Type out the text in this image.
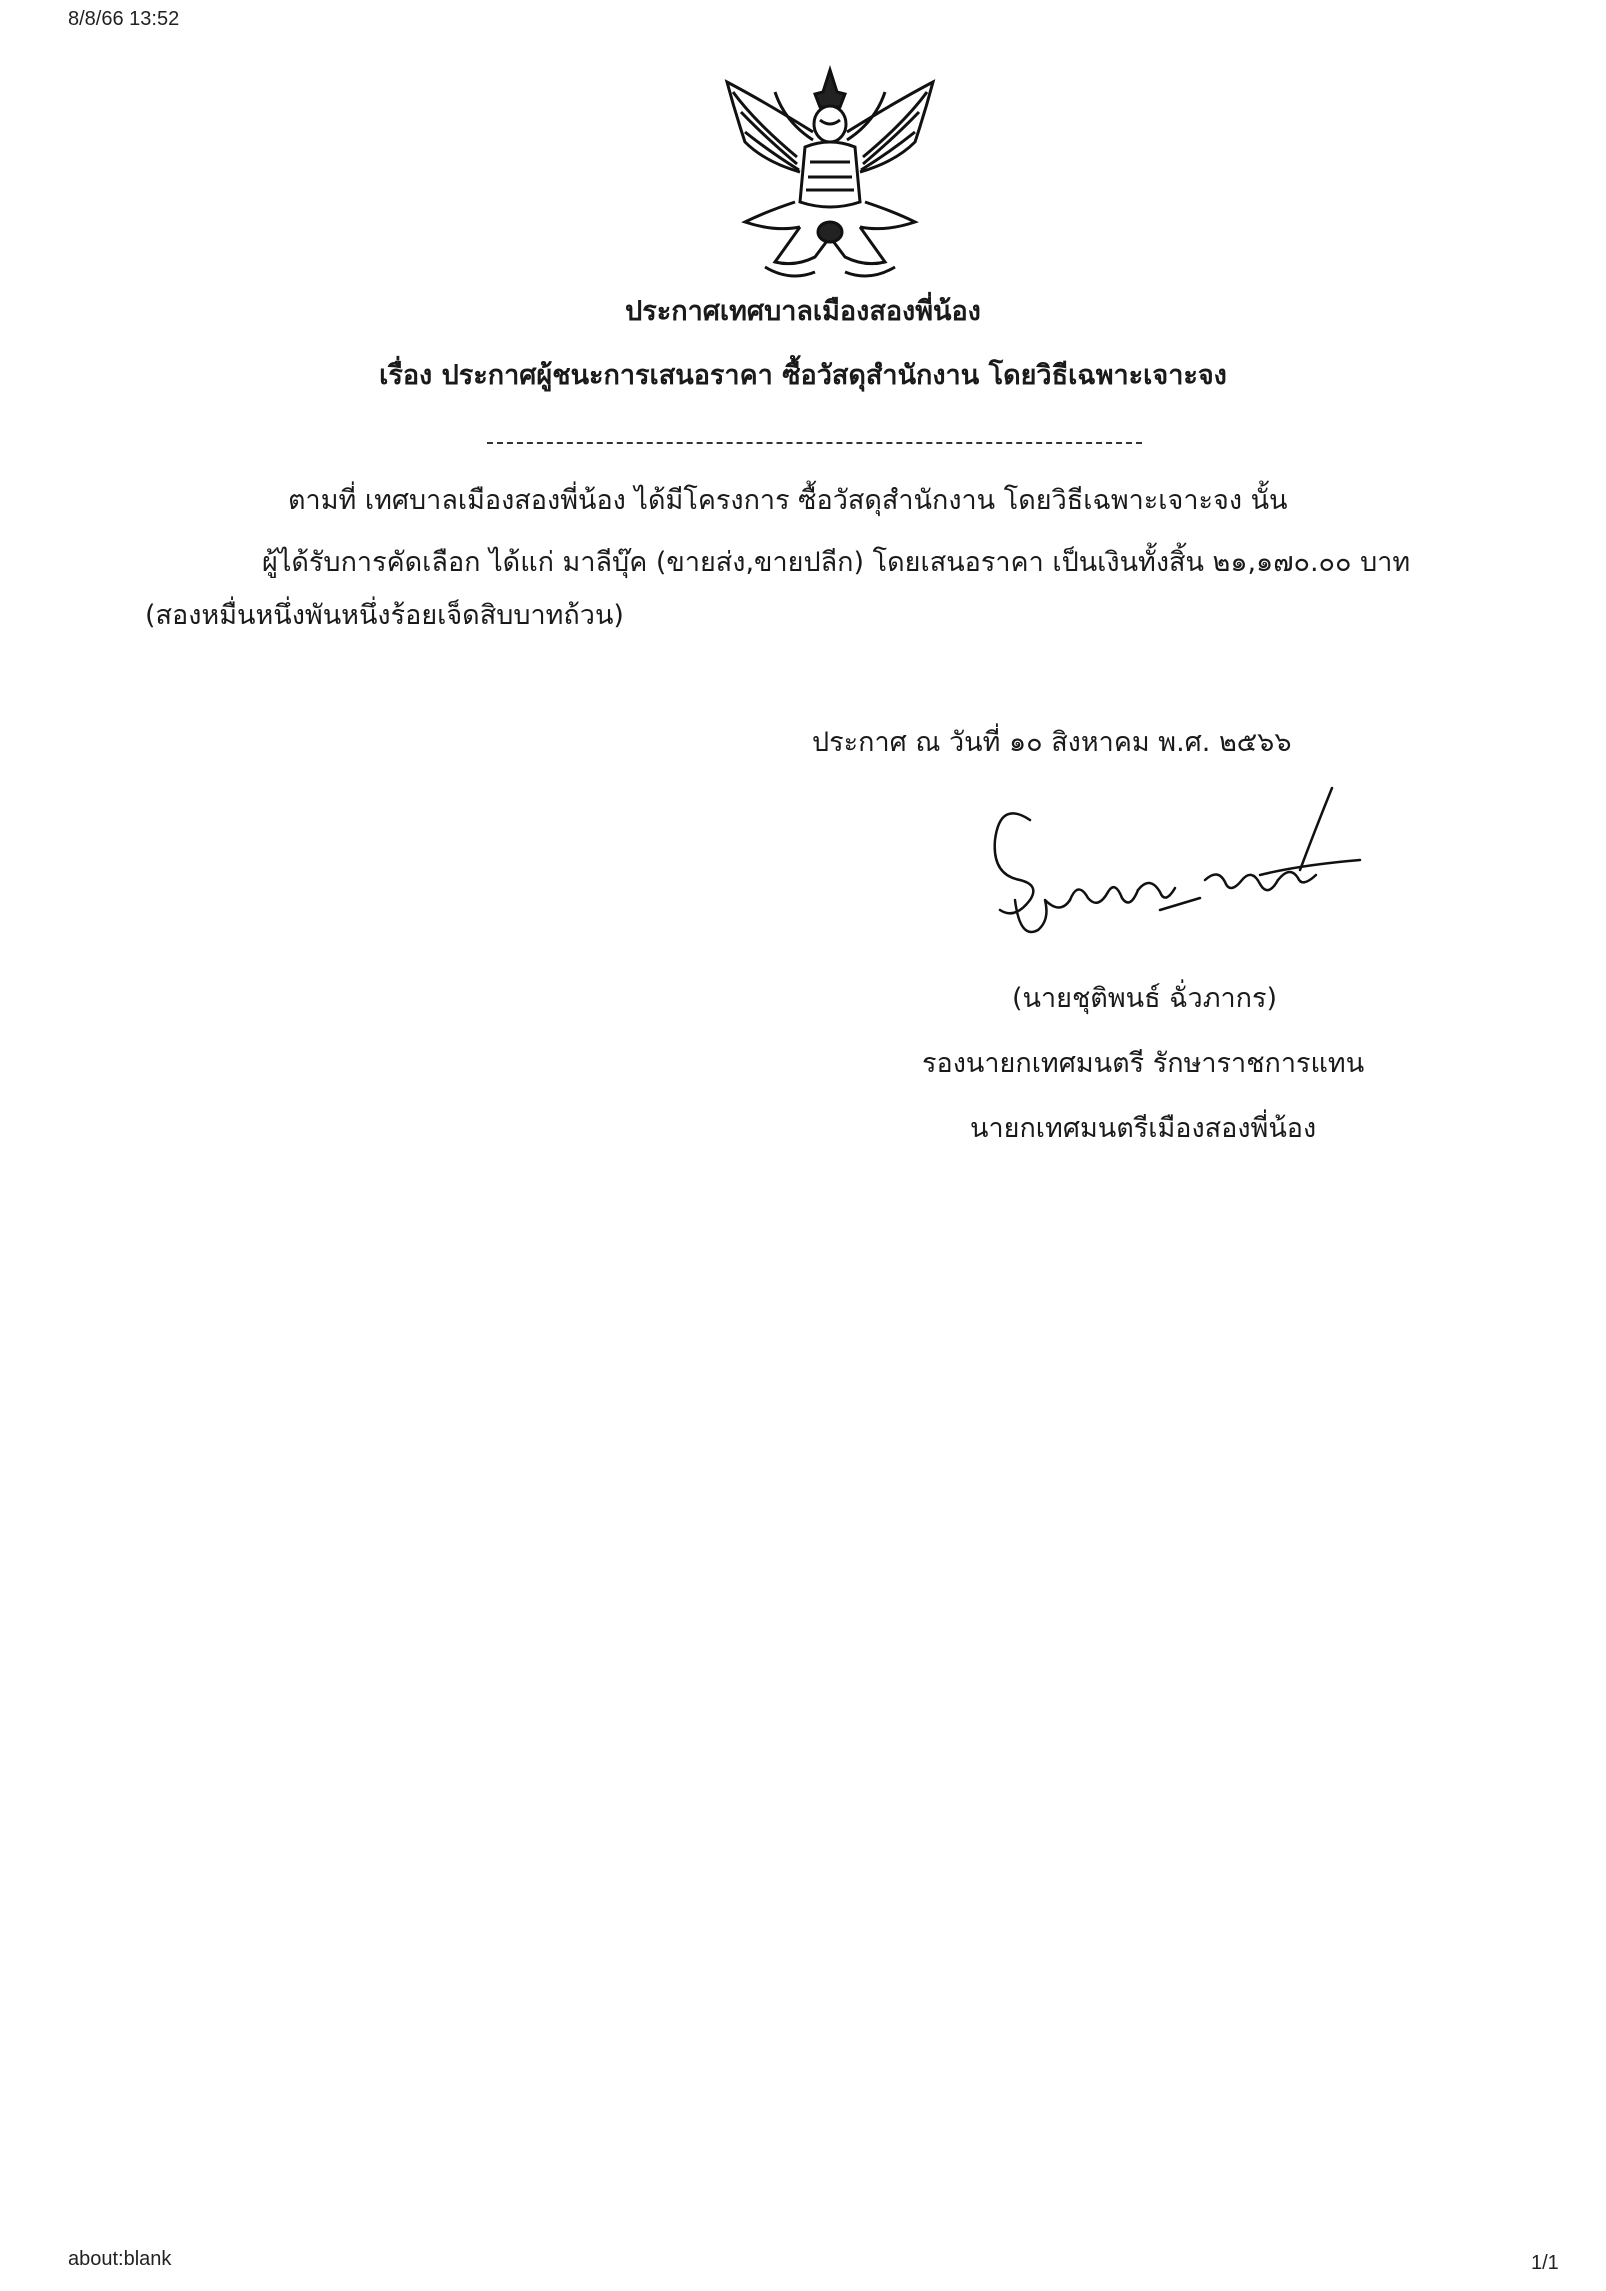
8/8/66 13:52
ประกาศเทศบาลเมืองสองพี่น้อง
เรื่อง ประกาศผู้ชนะการเสนอราคา ซื้อวัสดุสำนักงาน โดยวิธีเฉพาะเจาะจง
ตามที่ เทศบาลเมืองสองพี่น้อง ได้มีโครงการ ซื้อวัสดุสำนักงาน โดยวิธีเฉพาะเจาะจง นั้น
ผู้ได้รับการคัดเลือก ได้แก่ มาลีบุ๊ค (ขายส่ง,ขายปลีก) โดยเสนอราคา เป็นเงินทั้งสิ้น ๒๑,๑๗๐.๐๐ บาท
(สองหมื่นหนึ่งพันหนึ่งร้อยเจ็ดสิบบาทถ้วน)
ประกาศ ณ วันที่ ๑๐ สิงหาคม พ.ศ. ๒๕๖๖
(นายชุติพนธ์ ฉั่วภากร)
รองนายกเทศมนตรี รักษาราชการแทน
นายกเทศมนตรีเมืองสองพี่น้อง
about:blank	1/1
